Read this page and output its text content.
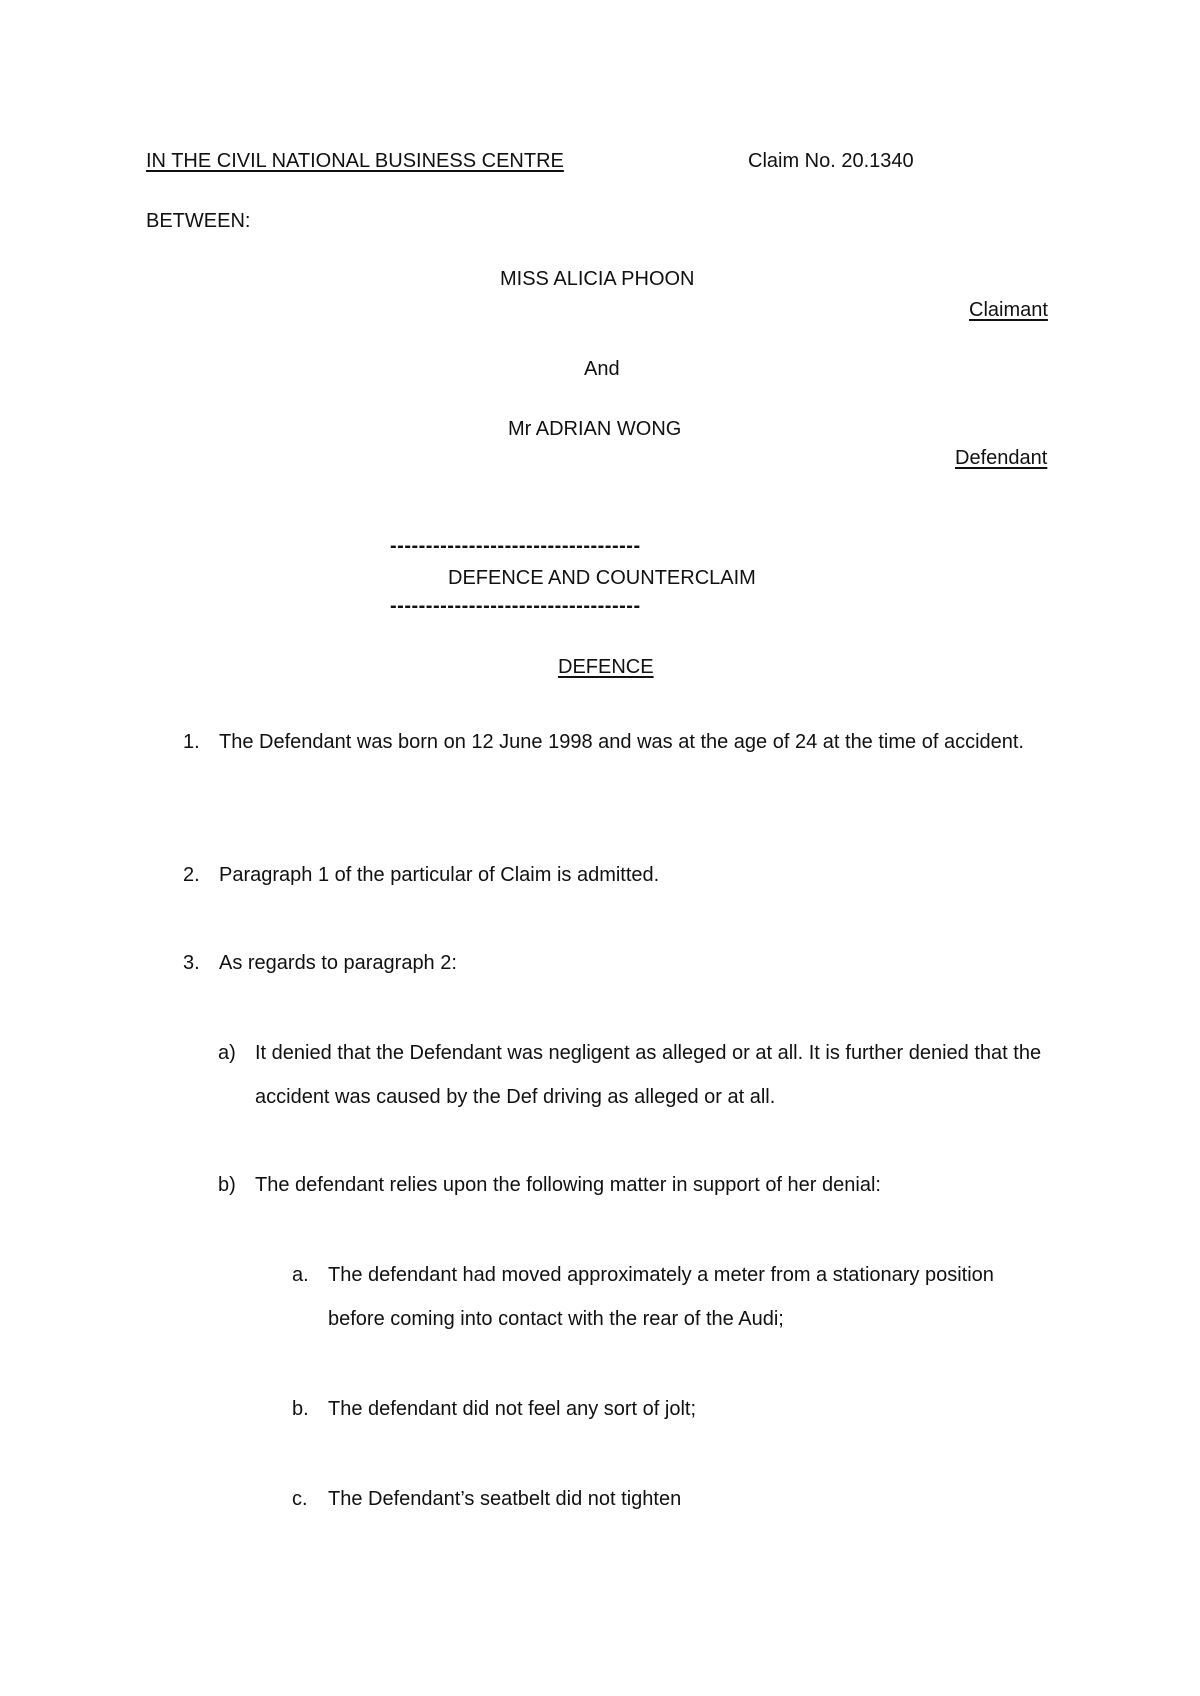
IN THE CIVIL NATIONAL BUSINESS CENTRE	Claim No. 20.1340
BETWEEN:
MISS ALICIA PHOON
Claimant
And
Mr ADRIAN WONG
Defendant
-----------------------------------
DEFENCE AND COUNTERCLAIM
-----------------------------------
DEFENCE
1. The Defendant was born on 12 June 1998 and was at the age of 24 at the time of accident.
2. Paragraph 1 of the particular of Claim is admitted.
3. As regards to paragraph 2:
a) It denied that the Defendant was negligent as alleged or at all. It is further denied that the accident was caused by the Def driving as alleged or at all.
b) The defendant relies upon the following matter in support of her denial:
a. The defendant had moved approximately a meter from a stationary position before coming into contact with the rear of the Audi;
b. The defendant did not feel any sort of jolt;
c. The Defendant’s seatbelt did not tighten
